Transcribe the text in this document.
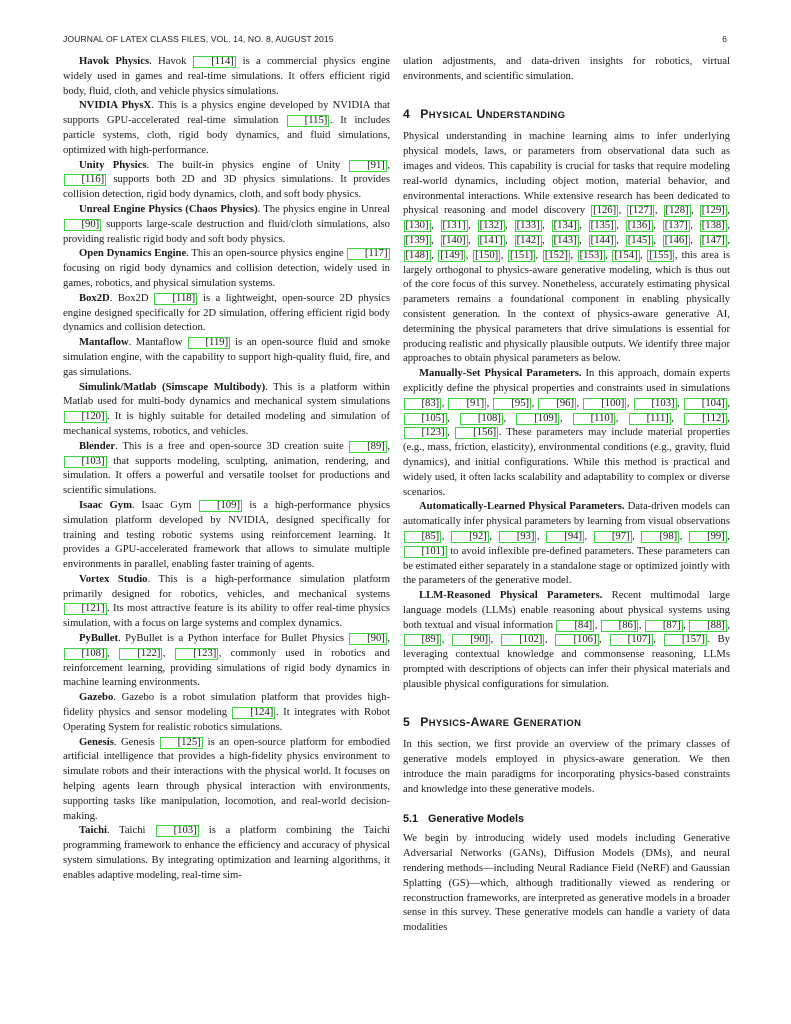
JOURNAL OF LATEX CLASS FILES, VOL. 14, NO. 8, AUGUST 2015	6

Havok Physics. Havok [114] is a commercial physics engine widely used in games and real-time simulations. It offers efficient rigid body, fluid, cloth, and vehicle physics simulations.

NVIDIA PhysX. This is a physics engine developed by NVIDIA that supports GPU-accelerated real-time simulation [115] . It includes particle systems, cloth, rigid body dynamics, and fluid simulations, optimized with high-performance.

Unity Physics. The built-in physics engine of Unity [91] , [116] supports both 2D and 3D physics simulations. It provides collision detection, rigid body dynamics, cloth, and soft body physics.

Unreal Engine Physics (Chaos Physics). The physics engine in Unreal [90] supports large-scale destruction and fluid/cloth simulations, also providing realistic rigid body and soft body physics.

Open Dynamics Engine. This an open-source physics engine [117] focusing on rigid body dynamics and collision detection, widely used in games, robotics, and physical simulation systems.

Box2D. Box2D [118] is a lightweight, open-source 2D physics engine designed specifically for 2D simulation, offering efficient rigid body dynamics and collision detection.

Mantaflow. Mantaflow [119] is an open-source fluid and smoke simulation engine, with the capability to support high-quality fluid, fire, and gas simulations.

Simulink/Matlab (Simscape Multibody). This is a platform within Matlab used for multi-body dynamics and mechanical system simulations [120] . It is highly suitable for detailed modeling and simulation of mechanical systems, robotics, and vehicles.

Blender. This is a free and open-source 3D creation suite [89] , [103] that supports modeling, sculpting, animation, rendering, and simulation. It offers a powerful and versatile toolset for productions and scientific simulations.

Isaac Gym. Isaac Gym [109] is a high-performance physics simulation platform developed by NVIDIA, designed specifically for training and testing robotic systems using reinforcement learning. It provides a GPU-accelerated framework that allows to simulate multiple environments in parallel, enabling faster training of agents.

Vortex Studio. This is a high-performance simulation platform primarily designed for robotics, vehicles, and mechanical systems [121] . Its most attractive feature is its ability to offer real-time physics simulation, with a focus on large systems and complex dynamics.

PyBullet. PyBullet is a Python interface for Bullet Physics [90] , [108] , [122] , [123] , commonly used in robotics and reinforcement learning, providing simulations of rigid body dynamics in machine learning environments.

Gazebo. Gazebo is a robot simulation platform that provides high-fidelity physics and sensor modeling [124] . It integrates with Robot Operating System for realistic robotics simulations.

Genesis. Genesis [125] is an open-source platform for embodied artificial intelligence that provides a high-fidelity physics environment to simulate robots and their interactions with the physical world. It focuses on helping agents learn through physical interaction with environments, supporting tasks like manipulation, locomotion, and real-world decision-making.

Taichi. Taichi [103] is a platform combining the Taichi programming framework to enhance the efficiency and accuracy of physical system simulations. By integrating optimization and learning algorithms, it enables adaptive modeling, real-time sim-

ulation adjustments, and data-driven insights for robotics, virtual environments, and scientific simulation.

4 PHYSICAL UNDERSTANDING

Physical understanding in machine learning aims to infer underlying physical models, laws, or parameters from observational data such as images and videos. This capability is crucial for tasks that require modeling real-world dynamics, including object motion, material behavior, and environmental interactions. While extensive research has been dedicated to physical reasoning and model discovery [126] , [127] , [128] , [129] , [130] , [131] , [132] , [133] , [134] , [135] , [136] , [137] , [138] , [139] , [140] , [141] , [142] , [143] , [144] , [145] , [146] , [147] , [148] , [149] , [150] , [151] , [152] , [153] , [154] , [155] , this area is largely orthogonal to physics-aware generative modeling, which is thus out of the core focus of this survey. Nonetheless, accurately estimating physical parameters remains a foundational component in enabling physically consistent generation. In the context of physics-aware generative AI, determining the physical parameters that drive simulations is essential for producing realistic and physically plausible outputs. We identify three major approaches to obtain physical parameters as below.

Manually-Set Physical Parameters. In this approach, domain experts explicitly define the physical properties and constraints used in simulations [83] , [91] , [95] , [96] , [100] , [103] , [104] , [105] , [108] , [109] , [110] , [111] , [112] , [123] , [156] . These parameters may include material properties (e.g., mass, friction, elasticity), environmental conditions (e.g., gravity, fluid dynamics), and initial configurations. While this method is practical and widely used, it often lacks scalability and adaptability to complex or diverse scenarios.

Automatically-Learned Physical Parameters. Data-driven models can automatically infer physical parameters by learning from visual observations [85] , [92] , [93] , [94] , [97] , [98] , [99] , [101] to avoid inflexible pre-defined parameters. These parameters can be estimated either separately in a standalone stage or optimized jointly with the parameters of the generative model.

LLM-Reasoned Physical Parameters. Recent multimodal large language models (LLMs) enable reasoning about physical systems using both textual and visual information [84] , [86] , [87] , [88] , [89] , [90] , [102] , [106] , [107] , [157] . By leveraging contextual knowledge and commonsense reasoning, LLMs prompted with descriptions of objects can infer their physical materials and plausible physical configurations for simulation.

5 PHYSICS-AWARE GENERATION

In this section, we first provide an overview of the primary classes of generative models employed in physics-aware generation. We then introduce the main paradigms for incorporating physics-based constraints and knowledge into these generative models.

5.1 Generative Models

We begin by introducing widely used models including Generative Adversarial Networks (GANs), Diffusion Models (DMs), and neural rendering methods—including Neural Radiance Field (NeRF) and Gaussian Splatting (GS)—which, although traditionally viewed as rendering or reconstruction frameworks, are interpreted as generative models in a broader sense in this survey. These generative models can handle a variety of data modalities
